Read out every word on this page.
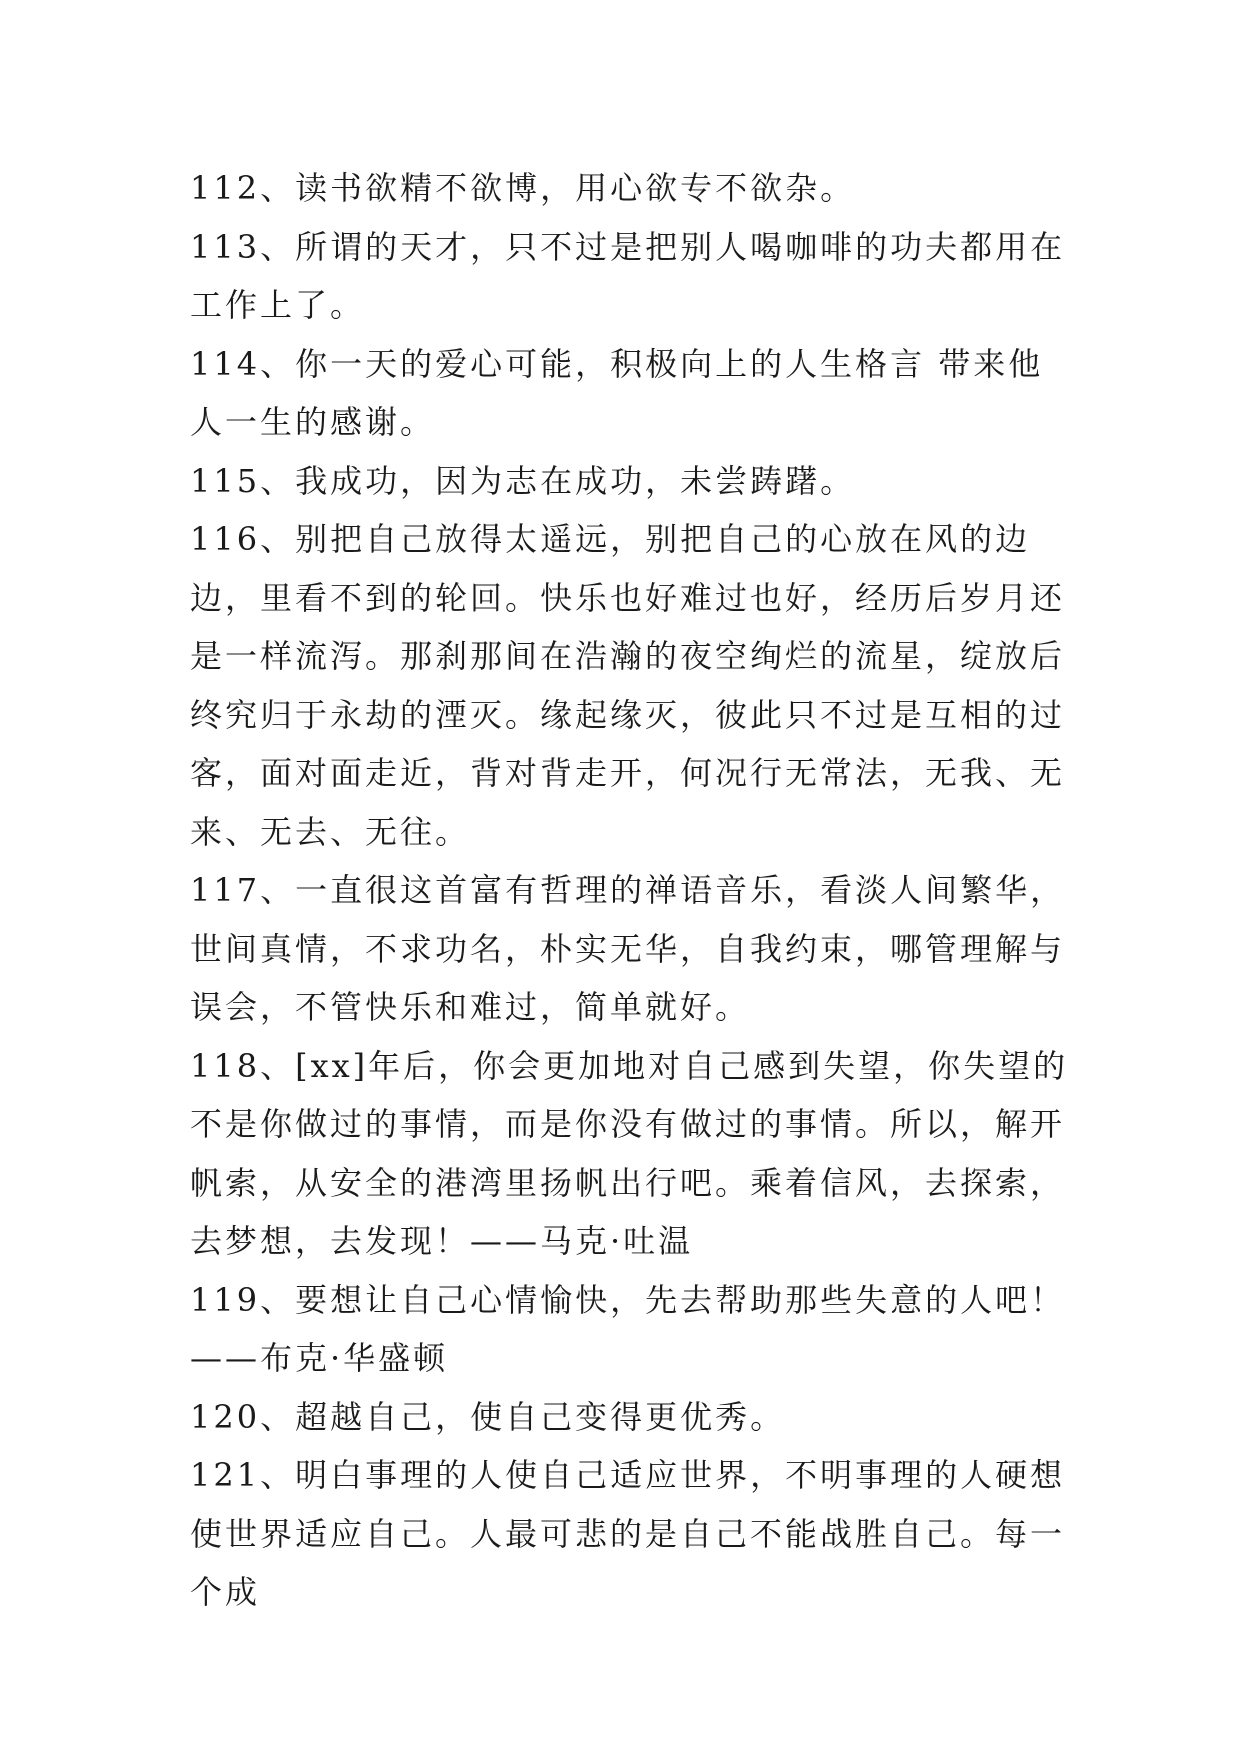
112、读书欲精不欲博，用心欲专不欲杂。

113、所谓的天才，只不过是把别人喝咖啡的功夫都用在工作上了。

114、你一天的爱心可能，积极向上的人生格言 带来他人一生的感谢。

115、我成功，因为志在成功，未尝踌躇。

116、别把自己放得太遥远，别把自己的心放在风的边边，里看不到的轮回。快乐也好难过也好，经历后岁月还是一样流泻。那刹那间在浩瀚的夜空绚烂的流星，绽放后终究归于永劫的湮灭。缘起缘灭，彼此只不过是互相的过客，面对面走近，背对背走开，何况行无常法，无我、无来、无去、无往。

117、一直很这首富有哲理的禅语音乐，看淡人间繁华，世间真情，不求功名，朴实无华，自我约束，哪管理解与误会，不管快乐和难过，简单就好。

118、[xx]年后，你会更加地对自己感到失望，你失望的不是你做过的事情，而是你没有做过的事情。所以，解开帆索，从安全的港湾里扬帆出行吧。乘着信风，去探索，去梦想，去发现！——马克·吐温

119、要想让自己心情愉快，先去帮助那些失意的人吧！——布克·华盛顿

120、超越自己，使自己变得更优秀。

121、明白事理的人使自己适应世界，不明事理的人硬想使世界适应自己。人最可悲的是自己不能战胜自己。每一个成
